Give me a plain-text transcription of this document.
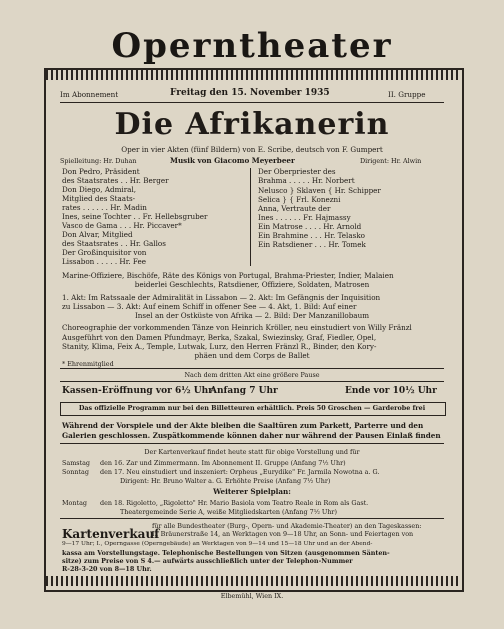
Operntheater
Im Abonnement	Freitag den 15. November 1935	II. Gruppe
Die Afrikanerin
Oper in vier Akten (fünf Bildern) von E. Scribe, deutsch von F. Gumpert
Spielleitung: Hr. Duhan	Musik von Giacomo Meyerbeer	Dirigent: Hr. Alwin
Don Pedro, Präsident
des Staatsrates . . Hr. Berger
Don Diego, Admiral,
Mitglied des Staats-
rates . . . . . . Hr. Madin
Ines, seine Tochter . . Fr. Hellebsgruber
Vasco de Gama . . . Hr. Piccaver*
Don Alvar, Mitglied
des Staatsrates . . Hr. Gallos
Der Großinquisitor von
Lissabon . . . . . Hr. Fee
Der Oberpriester des
Brahma . . . . . Hr. Norbert
Nelusco } Sklaven { Hr. Schipper
Selica } { Frl. Konezni
Anna, Vertraute der
Ines . . . . . . Fr. Hajmassy
Ein Matrose . . . . Hr. Arnold
Ein Brahmine . . . Hr. Telasko
Ein Ratsdiener . . . Hr. Tomek
Marine-Offiziere, Bischöfe, Räte des Königs von Portugal, Brahma-Priester, Indier, Malaien
beiderlei Geschlechts, Ratsdiener, Offiziere, Soldaten, Matrosen
1. Akt: Im Ratssaale der Admiralität in Lissabon — 2. Akt: Im Gefängnis der Inquisition
zu Lissabon — 3. Akt: Auf einem Schiff in offener See — 4. Akt, 1. Bild: Auf einer
Insel an der Ostküste von Afrika — 2. Bild: Der Manzanillobaum
Choreographie der vorkommenden Tänze von Heinrich Kröller, neu einstudiert von Willy Fränzl
Ausgeführt von den Damen Pfundmayr, Berka, Szakal, Swiezinsky, Graf, Fiedler, Opel,
Stanity, Klima, Feix A., Temple, Lutwak, Lurz, den Herren Fränzl R., Binder, den Kory-
phäen und dem Corps de Ballet
* Ehrenmitglied
Nach dem dritten Akt eine größere Pause
Kassen-Eröffnung vor 6½ Uhr
Anfang 7 Uhr	Ende vor 10½ Uhr
Das offizielle Programm nur bei den Billetteuren erhältlich. Preis 50 Groschen — Garderobe frei
Während der Vorspiele und der Akte bleiben die Saaltüren zum Parkett, Parterre und den
Galerien geschlossen. Zuspätkommende können daher nur während der Pausen Einlaß finden
Der Kartenverkauf findet heute statt für obige Vorstellung und für
Samstag den 16. Zar und Zimmermann. Im Abonnement II. Gruppe (Anfang 7½ Uhr)
Sonntag den 17. Neu einstudiert und inszeniert: Orpheus „Eurydike" Fr. Jarmila Nowotna a. G.
Dirigent: Hr. Bruno Walter a. G. Erhöhte Preise (Anfang 7½ Uhr)
Weiterer Spielplan:
Montag den 18. Rigoletto, „Rigoletto" Hr. Mario Basiola vom Teatro Reale in Rom als Gast.
Theatergemeinde Serie A, weiße Mitgliedskarten (Anfang 7½ Uhr)
Kartenverkauf
für alle Bundestheater (Burg-, Opern- und Akademie-Theater) an den Tageskassen:
I., Bräunerstraße 14, an Werktagen von 9—18 Uhr, an Sonn- und Feiertagen von
9—17 Uhr; I., Operngasse (Operngebäude) an Werktagen von 9—14 und 15—18 Uhr und an der Abend-
kassa am Vorstellungstage. Telephonische Bestellungen von Sitzen (ausgenommen Sänten-
sitze) zum Preise von S 4.— aufwärts ausschließlich unter der Telephon-Nummer
R-28-3-20 von 8—18 Uhr.
Elbemühl, Wien IX.
